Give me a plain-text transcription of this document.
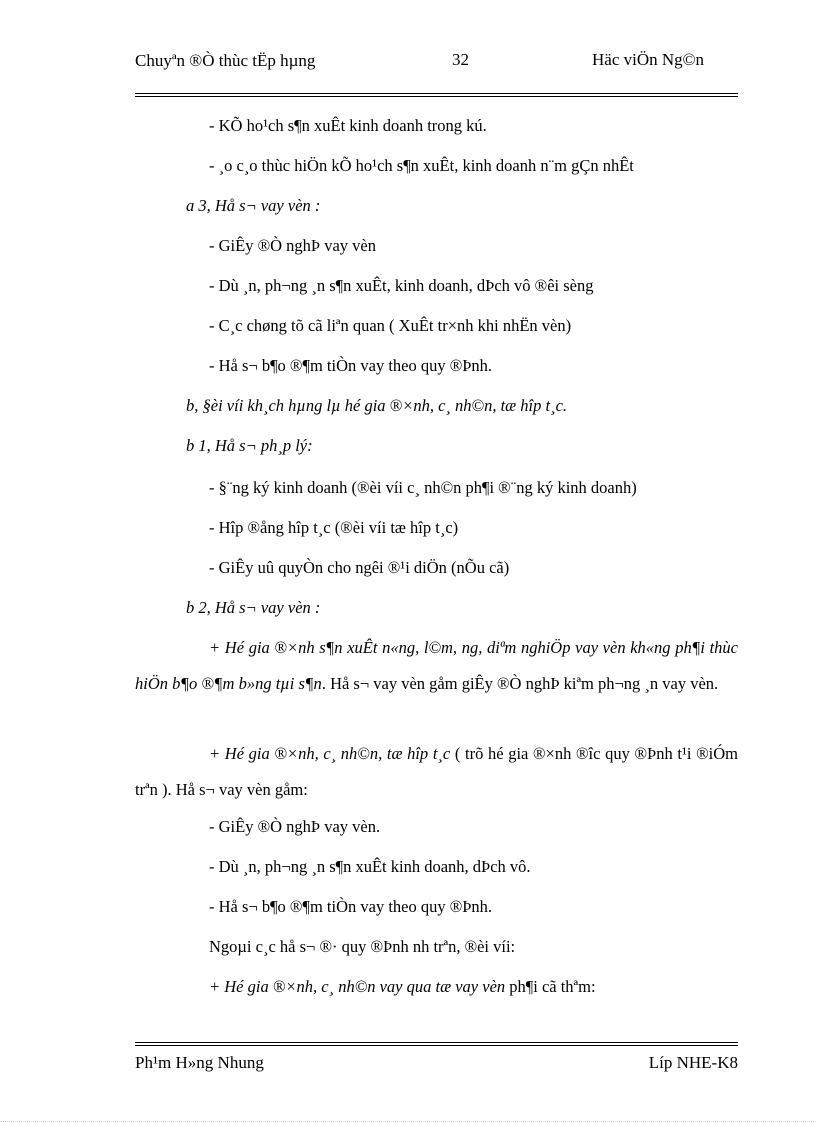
Chuyªn ®Ò thùc tËp hµng	32	Häc viÖn Ng©n
- KÕ ho¹ch s¶n xuÊt kinh doanh trong kú.
- ¸o c¸o thùc hiÖn kÕ ho¹ch s¶n xuÊt, kinh doanh n¨m gÇn nhÊt
a 3, Hå s¬ vay vèn :
- GiÊy ®Ò nghÞ vay vèn
- Dù ¸n, ph¬ng ¸n s¶n xuÊt, kinh doanh, dÞch vô ®êi sèng
- C¸c chøng tõ cã liªn quan ( XuÊt tr×nh khi nhËn vèn)
- Hå s¬ b¶o ®¶m tiÒn vay theo quy ®Þnh.
b, §èi víi kh¸ch hµng lµ hé gia ®×nh, c¸ nh©n, tæ hîp t¸c.
b 1, Hå s¬ ph¸p lý:
- §¨ng ký kinh doanh (®èi víi c¸ nh©n ph¶i ®¨ng ký kinh doanh)
- Hîp ®ång hîp t¸c (®èi víi tæ hîp t¸c)
- GiÊy uû quyÒn cho ngêi ®¹i diÖn (nÕu cã)
b 2, Hå s¬ vay vèn :
+ Hé gia ®×nh s¶n xuÊt n«ng, l©m, ng, diªm nghiÖp vay vèn kh«ng ph¶i thùc hiÖn b¶o ®¶m b»ng tµi s¶n. Hå s¬ vay vèn gåm giÊy ®Ò nghÞ kiªm ph¬ng ¸n vay vèn.
+ Hé gia ®×nh, c¸ nh©n, tæ hîp t¸c ( trõ hé gia ®×nh ®îc quy ®Þnh t¹i ®iÓm trªn ). Hå s¬ vay vèn gåm:
- GiÊy ®Ò nghÞ vay vèn.
- Dù ¸n, ph¬ng ¸n s¶n xuÊt kinh doanh, dÞch vô.
- Hå s¬ b¶o ®¶m tiÒn vay theo quy ®Þnh.
Ngoµi c¸c hå s¬ ®· quy ®Þnh nh trªn, ®èi víi:
+ Hé gia ®×nh, c¸ nh©n vay qua tæ vay vèn ph¶i cã thªm:
Ph¹m H»ng Nhung	Líp NHE-K8
